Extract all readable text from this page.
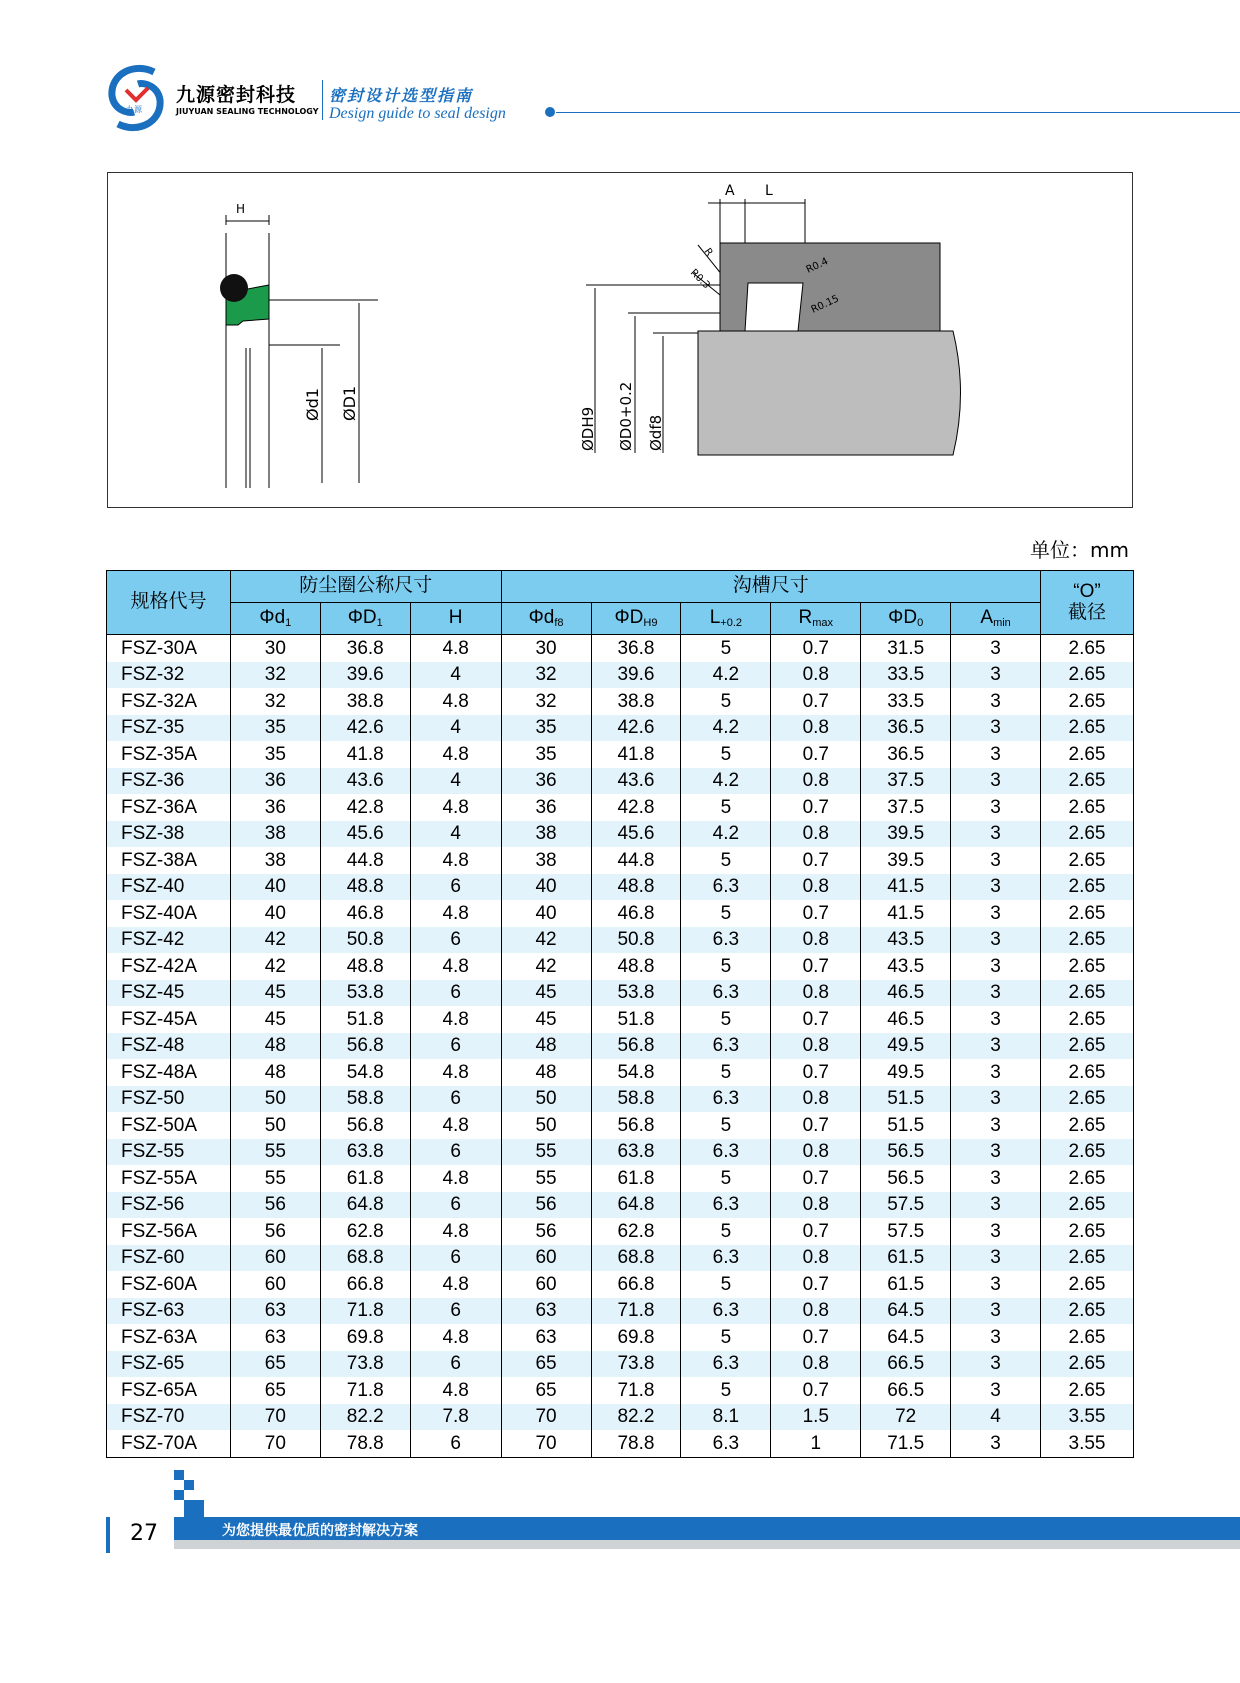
九源
九源密封科技
JIUYUAN SEALING TECHNOLOGY
密封设计选型指南
Design guide to seal design
H
Ød1 ØD1
A L
R
R0.3
R0.4
R0.15
ØDH9 ØD0+0.2 Ødf8
单位：mm
规格代号	防尘圈公称尺寸			沟槽尺寸						“O”
截径

	$\Phi d_1$	$\Phi D_1$	H	$\Phi d_{f8}$	$\Phi D_{H9}$	$L_{+0.2}$	$R_{max}$	$\Phi D_0$	$A_{min}$
FSZ-30A	30	36.8	4.8	30	36.8	5	0.7	31.5	3	2.65
FSZ-32	32	39.6	4	32	39.6	4.2	0.8	33.5	3	2.65
FSZ-32A	32	38.8	4.8	32	38.8	5	0.7	33.5	3	2.65
FSZ-35	35	42.6	4	35	42.6	4.2	0.8	36.5	3	2.65
FSZ-35A	35	41.8	4.8	35	41.8	5	0.7	36.5	3	2.65
FSZ-36	36	43.6	4	36	43.6	4.2	0.8	37.5	3	2.65
FSZ-36A	36	42.8	4.8	36	42.8	5	0.7	37.5	3	2.65
FSZ-38	38	45.6	4	38	45.6	4.2	0.8	39.5	3	2.65
FSZ-38A	38	44.8	4.8	38	44.8	5	0.7	39.5	3	2.65
FSZ-40	40	48.8	6	40	48.8	6.3	0.8	41.5	3	2.65
FSZ-40A	40	46.8	4.8	40	46.8	5	0.7	41.5	3	2.65
FSZ-42	42	50.8	6	42	50.8	6.3	0.8	43.5	3	2.65
FSZ-42A	42	48.8	4.8	42	48.8	5	0.7	43.5	3	2.65
FSZ-45	45	53.8	6	45	53.8	6.3	0.8	46.5	3	2.65
FSZ-45A	45	51.8	4.8	45	51.8	5	0.7	46.5	3	2.65
FSZ-48	48	56.8	6	48	56.8	6.3	0.8	49.5	3	2.65
FSZ-48A	48	54.8	4.8	48	54.8	5	0.7	49.5	3	2.65
FSZ-50	50	58.8	6	50	58.8	6.3	0.8	51.5	3	2.65
FSZ-50A	50	56.8	4.8	50	56.8	5	0.7	51.5	3	2.65
FSZ-55	55	63.8	6	55	63.8	6.3	0.8	56.5	3	2.65
FSZ-55A	55	61.8	4.8	55	61.8	5	0.7	56.5	3	2.65
FSZ-56	56	64.8	6	56	64.8	6.3	0.8	57.5	3	2.65
FSZ-56A	56	62.8	4.8	56	62.8	5	0.7	57.5	3	2.65
FSZ-60	60	68.8	6	60	68.8	6.3	0.8	61.5	3	2.65
FSZ-60A	60	66.8	4.8	60	66.8	5	0.7	61.5	3	2.65
FSZ-63	63	71.8	6	63	71.8	6.3	0.8	64.5	3	2.65
FSZ-63A	63	69.8	4.8	63	69.8	5	0.7	64.5	3	2.65
FSZ-65	65	73.8	6	65	73.8	6.3	0.8	66.5	3	2.65
FSZ-65A	65	71.8	4.8	65	71.8	5	0.7	66.5	3	2.65
FSZ-70	70	82.2	7.8	70	82.2	8.1	1.5	72	4	3.55
FSZ-70A	70	78.8	6	70	78.8	6.3	1	71.5	3	3.55
27	为您提供最优质的密封解决方案
